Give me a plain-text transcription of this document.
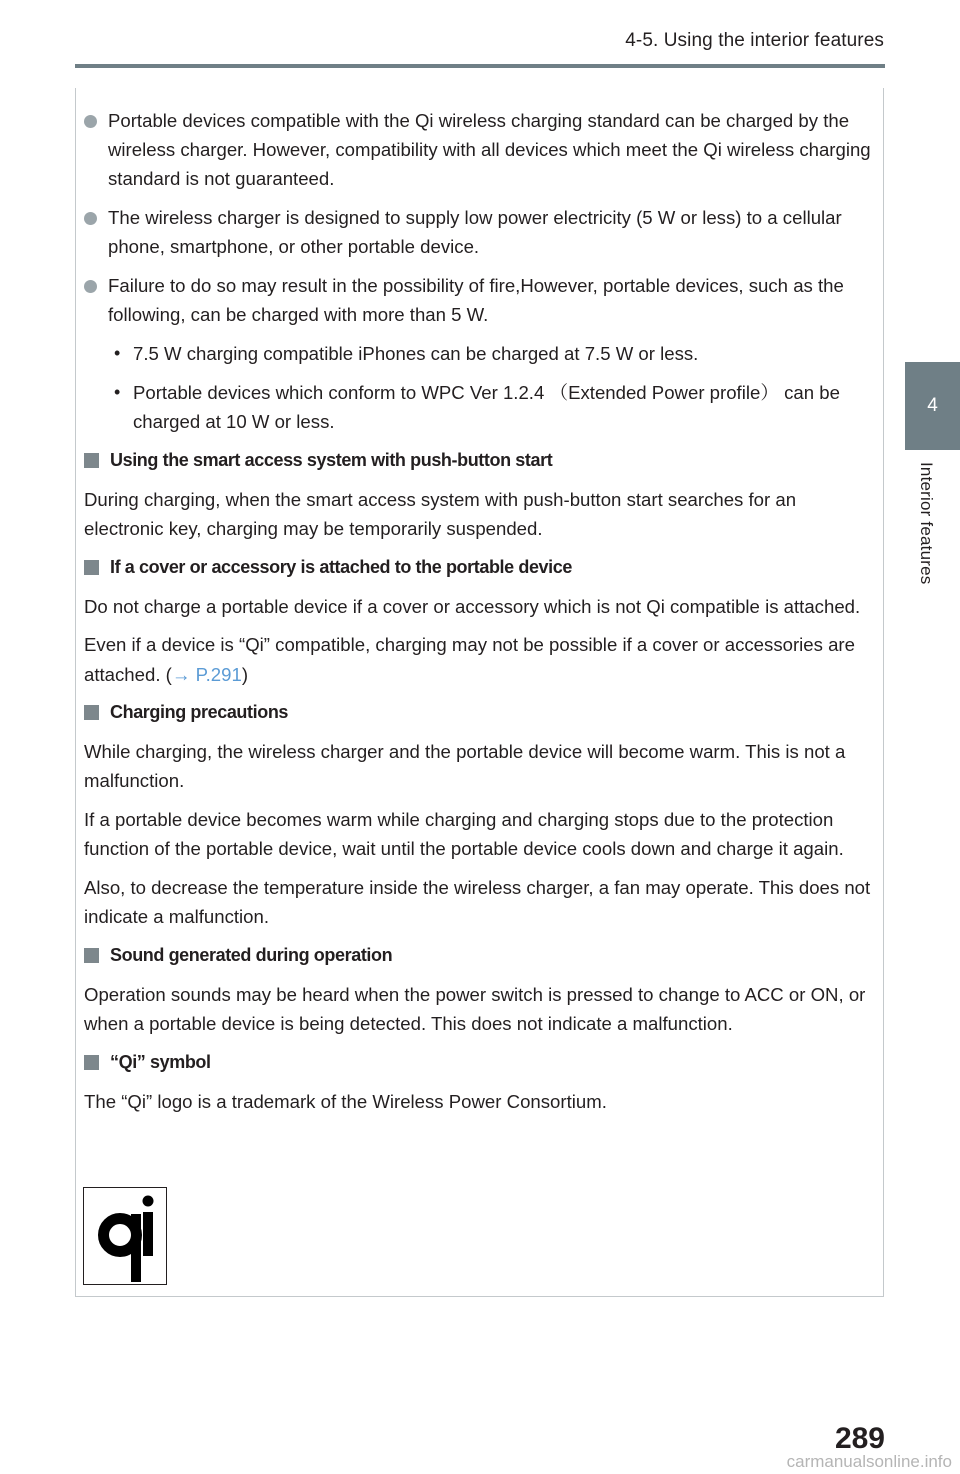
4-5. Using the interior features
4
Interior features

Portable devices compatible with the Qi wireless charging standard can be charged by the wireless charger. However, compatibility with all devices which meet the Qi wireless charging standard is not guaranteed.

The wireless charger is designed to supply low power electricity (5 W or less) to a cellular phone, smartphone, or other portable device.

Failure to do so may result in the possibility of fire,However, portable devices, such as the following, can be charged with more than 5 W.

• 7.5 W charging compatible iPhones can be charged at 7.5 W or less.

• Portable devices which conform to WPC Ver 1.2.4 （Extended Power profile） can be charged at 10 W or less.

Using the smart access system with push-button start

During charging, when the smart access system with push-button start searches for an electronic key, charging may be temporarily suspended.

If a cover or accessory is attached to the portable device

Do not charge a portable device if a cover or accessory which is not Qi compatible is attached.

Even if a device is “Qi” compatible, charging may not be possible if a cover or accessories are attached. (→ P.291)

Charging precautions

While charging, the wireless charger and the portable device will become warm. This is not a malfunction.

If a portable device becomes warm while charging and charging stops due to the protection function of the portable device, wait until the portable device cools down and charge it again.

Also, to decrease the temperature inside the wireless charger, a fan may operate. This does not indicate a malfunction.

Sound generated during operation

Operation sounds may be heard when the power switch is pressed to change to ACC or ON, or when a portable device is being detected. This does not indicate a malfunction.

“Qi” symbol

The “Qi” logo is a trademark of the Wireless Power Consortium.

289
carmanualsonline.info
